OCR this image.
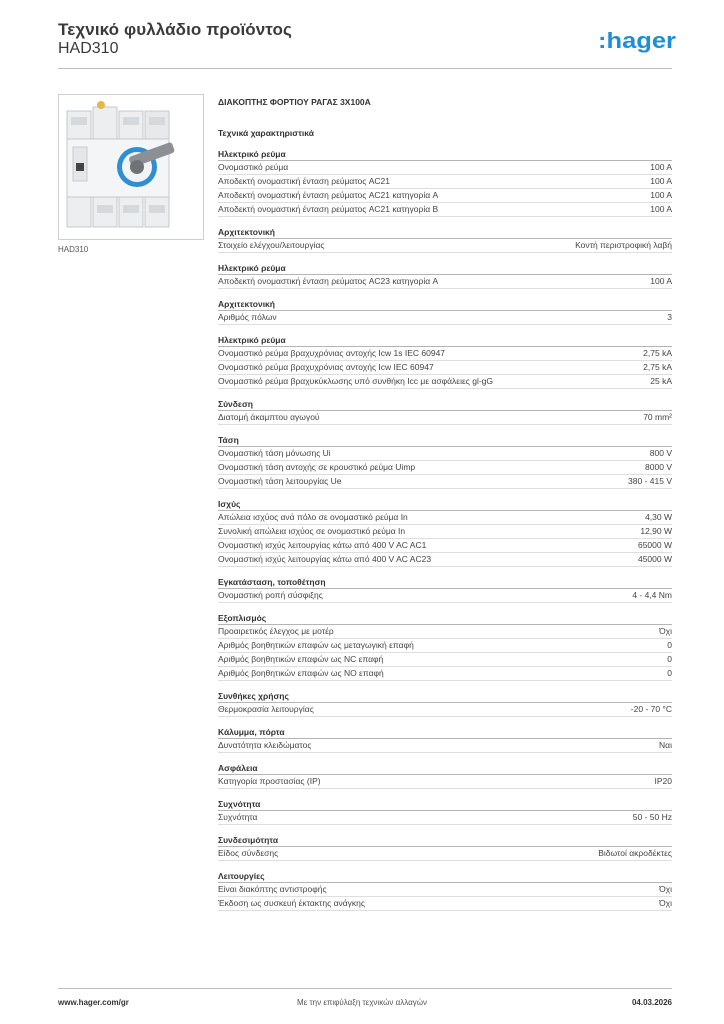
Τεχνικό φυλλάδιο προϊόντος
HAD310	:hager
HAD310
ΔΙΑΚΟΠΤΗΣ ΦΟΡΤΙΟΥ ΡΑΓΑΣ 3Χ100Α
Τεχνικά χαρακτηριστικά
Ηλεκτρικό ρεύμα
Ονομαστικό ρεύμα	100 A
Αποδεκτή ονομαστική ένταση ρεύματος AC21	100 A
Αποδεκτή ονομαστική ένταση ρεύματος AC21 κατηγορία A	100 A
Αποδεκτή ονομαστική ένταση ρεύματος AC21 κατηγορία B	100 A
Αρχιτεκτονική
Στοιχείο ελέγχου/λειτουργίας	Κοντή περιστροφική λαβή
Ηλεκτρικό ρεύμα
Αποδεκτή ονομαστική ένταση ρεύματος AC23 κατηγορία A	100 A
Αρχιτεκτονική
Αριθμός πόλων	3
Ηλεκτρικό ρεύμα
Ονομαστικό ρεύμα βραχυχρόνιας αντοχής Icw 1s IEC 60947	2,75 kA
Ονομαστικό ρεύμα βραχυχρόνιας αντοχής Icw IEC 60947	2,75 kA
Ονομαστικό ρεύμα βραχυκύκλωσης υπό συνθήκη Icc με ασφάλειες gl-gG	25 kA
Σύνδεση
Διατομή άκαμπτου αγωγού	70 mm²
Τάση
Ονομαστική τάση μόνωσης Ui	800 V
Ονομαστική τάση αντοχής σε κρουστικό ρεύμα Uimp	8000 V
Ονομαστική τάση λειτουργίας Ue	380 - 415 V
Ισχύς
Απώλεια ισχύος ανά πόλο σε ονομαστικό ρεύμα In	4,30 W
Συνολική απώλεια ισχύος σε ονομαστικό ρεύμα In	12,90 W
Ονομαστική ισχύς λειτουργίας κάτω από 400 V AC AC1	65000 W
Ονομαστική ισχύς λειτουργίας κάτω από 400 V AC AC23	45000 W
Εγκατάσταση, τοποθέτηση
Ονομαστική ροπή σύσφιξης	4 - 4,4 Nm
Εξοπλισμός
Προαιρετικός έλεγχος με μοτέρ	Όχι
Αριθμός βοηθητικών επαφών ως μεταγωγική επαφή	0
Αριθμός βοηθητικών επαφών ως NC επαφή	0
Αριθμός βοηθητικών επαφών ως NO επαφή	0
Συνθήκες χρήσης
Θερμοκρασία λειτουργίας	-20 - 70 °C
Κάλυμμα, πόρτα
Δυνατότητα κλειδώματος	Ναι
Ασφάλεια
Κατηγορία προστασίας (IP)	IP20
Συχνότητα
Συχνότητα	50 - 50 Hz
Συνδεσιμότητα
Είδος σύνδεσης	Βιδωτοί ακροδέκτες
Λειτουργίες
Είναι διακόπτης αντιστροφής	Όχι
Έκδοση ως συσκευή έκτακτης ανάγκης	Όχι
www.hager.com/gr	Με την επιφύλαξη τεχνικών αλλαγών	04.03.2026
